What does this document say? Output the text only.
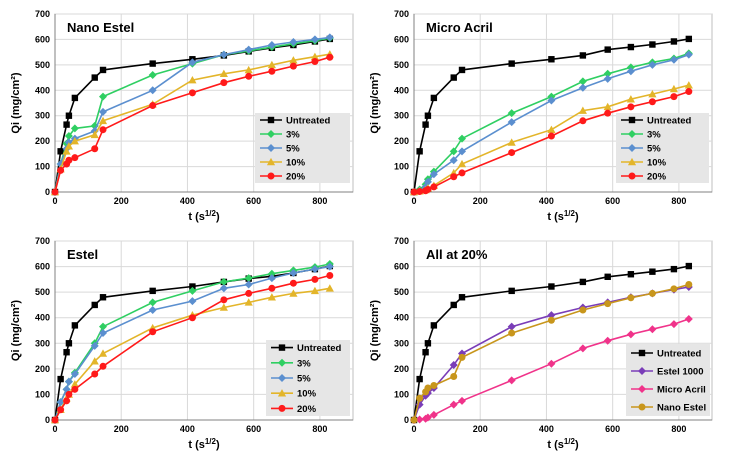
0
100
200
300
400
500
600
700
0	200	400	600	800
t $(s^{1/2})$
Qi (mg/cm²)
Nano Estel
Untreated
3%
5%
10%
20%
0
100
200
300
400
500
600
700
0	200	400	600	800
t $(s^{1/2})$
Qi (mg/cm²)
Micro Acril
Untreated
3%
5%
10%
20%
0
100
200
300
400
500
600
700
0	200	400	600	800
t $(s^{1/2})$
Qi (mg/cm²)
Estel
Untreated
3%
5%
10%
20%
0
100
200
300
400
500
600
700
0	200	400	600	800
t $(s^{1/2})$
Qi (mg/cm²)
All at 20%
Untreated
Estel 1000
Micro Acril
Nano Estel
